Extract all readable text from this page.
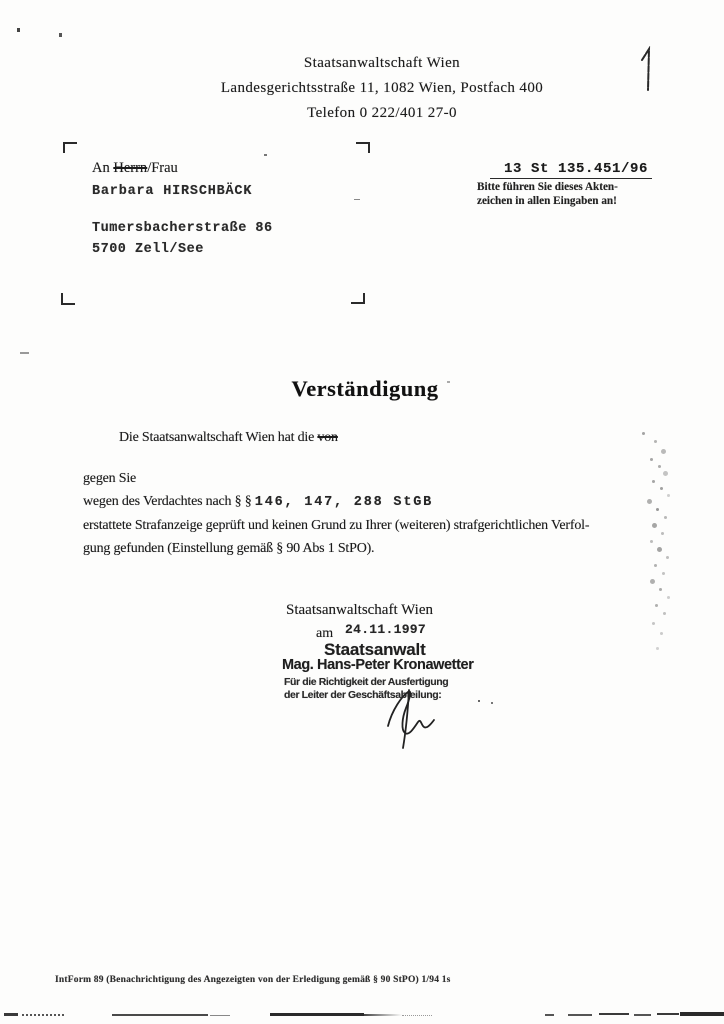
Staatsanwaltschaft Wien
Landesgerichtsstraße 11, 1082 Wien, Postfach 400
Telefon 0 222/401 27-0
An Herrn/Frau
Barbara HIRSCHBÄCK
Tumersbacherstraße 86
5700 Zell/See
13 St 135.451/96
Bitte führen Sie dieses Akten-
zeichen in allen Eingaben an!
Verständigung
Die Staatsanwaltschaft Wien hat die von
gegen Sie
wegen des Verdachtes nach § § 146, 147, 288 StGB
erstattete Strafanzeige geprüft und keinen Grund zu Ihrer (weiteren) strafgerichtlichen Verfol-
gung gefunden (Einstellung gemäß § 90 Abs 1 StPO).
Staatsanwaltschaft Wien
am 24.11.1997
Staatsanwalt
Mag. Hans-Peter Kronawetter
Für die Richtigkeit der Ausfertigung
der Leiter der Geschäftsabteilung:
IntForm 89 (Benachrichtigung des Angezeigten von der Erledigung gemäß § 90 StPO) 1/94 1s
